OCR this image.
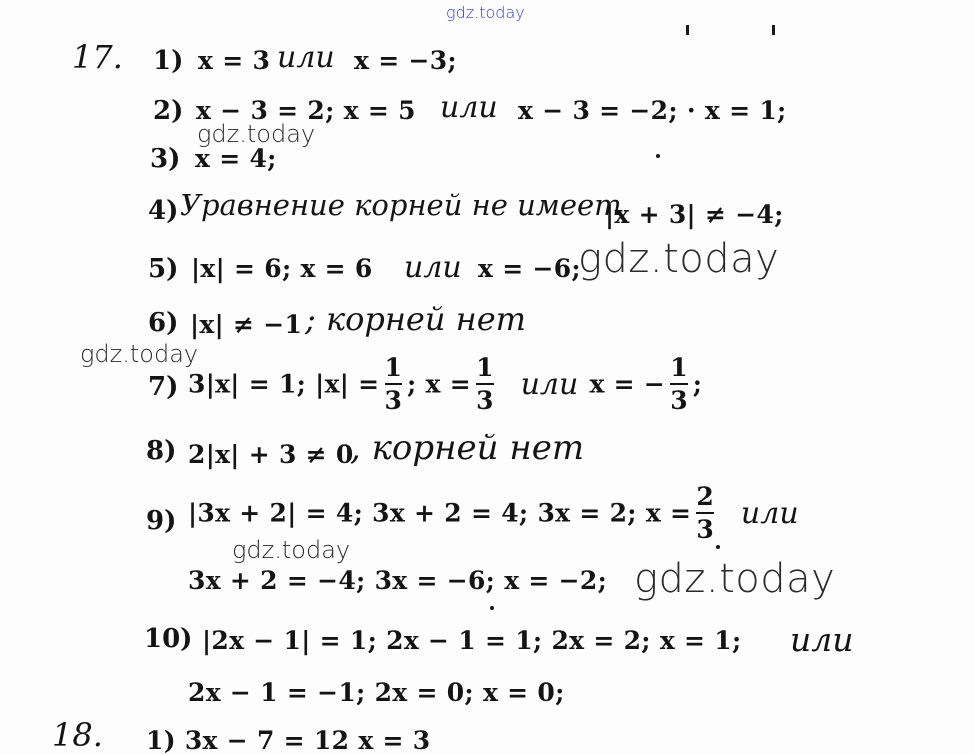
gdz.today
gdz.today
gdz.today
gdz.today
gdz.today
gdz.today
17. 1) x = 3 или x = −3;
2) x − 3 = 2; x = 5 или x − 3 = −2; · x = 1;
3) x = 4;
4) Уравнение корней не имеет
|x + 3| ≠ −4;
5) |x| = 6; x = 6 или x = −6;
6) |x| ≠ −1 ; корней нет
7) 3|x| = 1; $|x| = \frac{1}{3}$ ; $x = \frac{1}{3}$ или x = − $\frac{1}{3}$ ;
8) 2|x| + 3 ≠ 0
, корней нет
9) |3x + 2| = 4; 3x + 2 = 4; 3x = 2; $x = \frac{2}{3}$ или
3x + 2 = −4; 3x = −6; x = −2;
10) |2x − 1| = 1; 2x − 1 = 1; 2x = 2; x = 1; или
2x − 1 = −1; 2x = 0; x = 0;
18. 1) 3x − 7 = 12 x = 3
